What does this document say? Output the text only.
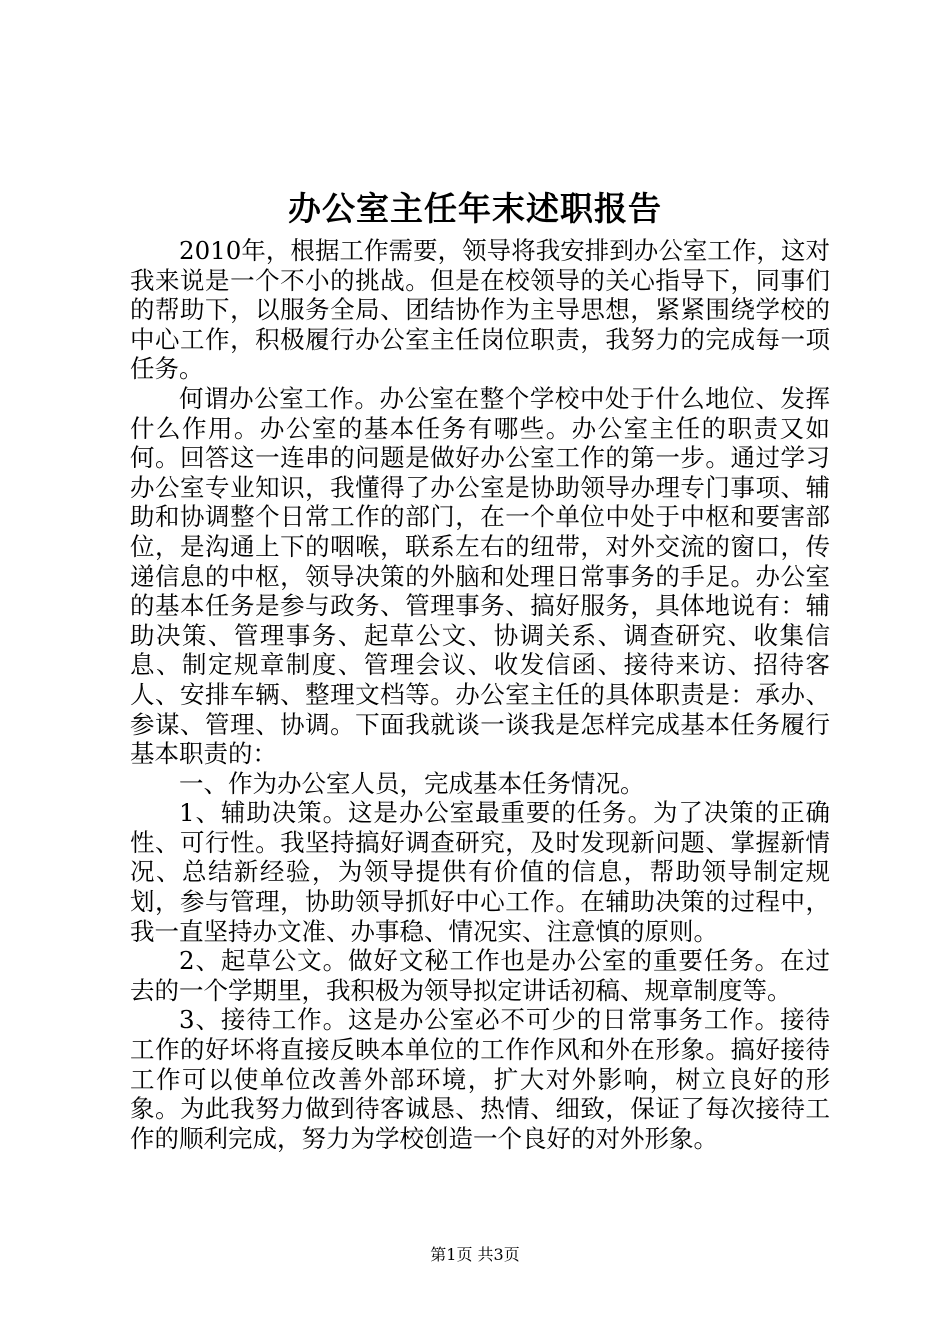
办公室主任年末述职报告

2010年，根据工作需要，领导将我安排到办公室工作，这对我来说是一个不小的挑战。但是在校领导的关心指导下，同事们的帮助下，以服务全局、团结协作为主导思想，紧紧围绕学校的中心工作，积极履行办公室主任岗位职责，我努力的完成每一项任务。

何谓办公室工作。办公室在整个学校中处于什么地位、发挥什么作用。办公室的基本任务有哪些。办公室主任的职责又如何。回答这一连串的问题是做好办公室工作的第一步。通过学习办公室专业知识，我懂得了办公室是协助领导办理专门事项、辅助和协调整个日常工作的部门，在一个单位中处于中枢和要害部位，是沟通上下的咽喉，联系左右的纽带，对外交流的窗口，传递信息的中枢，领导决策的外脑和处理日常事务的手足。办公室的基本任务是参与政务、管理事务、搞好服务，具体地说有：辅助决策、管理事务、起草公文、协调关系、调查研究、收集信息、制定规章制度、管理会议、收发信函、接待来访、招待客人、安排车辆、整理文档等。办公室主任的具体职责是：承办、参谋、管理、协调。下面我就谈一谈我是怎样完成基本任务履行基本职责的：

一、作为办公室人员，完成基本任务情况。

1、辅助决策。这是办公室最重要的任务。为了决策的正确性、可行性。我坚持搞好调查研究，及时发现新问题、掌握新情况、总结新经验，为领导提供有价值的信息，帮助领导制定规划，参与管理，协助领导抓好中心工作。在辅助决策的过程中，我一直坚持办文准、办事稳、情况实、注意慎的原则。

2、起草公文。做好文秘工作也是办公室的重要任务。在过去的一个学期里，我积极为领导拟定讲话初稿、规章制度等。

3、接待工作。这是办公室必不可少的日常事务工作。接待工作的好坏将直接反映本单位的工作作风和外在形象。搞好接待工作可以使单位改善外部环境，扩大对外影响，树立良好的形象。为此我努力做到待客诚恳、热情、细致，保证了每次接待工作的顺利完成，努力为学校创造一个良好的对外形象。

第1页 共3页
